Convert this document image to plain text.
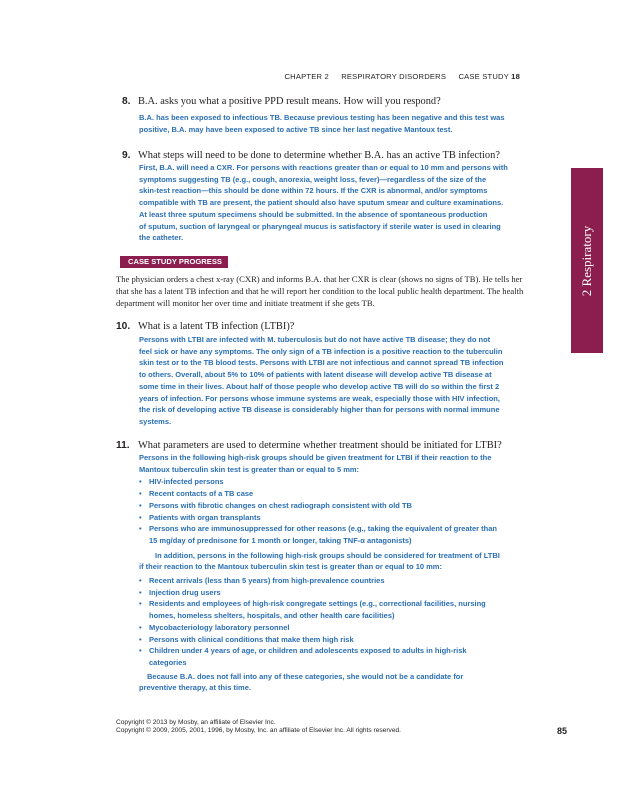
CHAPTER 2 RESPIRATORY DISORDERS CASE STUDY 18
2 Respiratory
8. B.A. asks you what a positive PPD result means. How will you respond?

B.A. has been exposed to infectious TB. Because previous testing has been negative and this test was

positive, B.A. may have been exposed to active TB since her last negative Mantoux test.

9. What steps will need to be done to determine whether B.A. has an active TB infection?

First, B.A. will need a CXR. For persons with reactions greater than or equal to 10 mm and persons with

symptoms suggesting TB (e.g., cough, anorexia, weight loss, fever)—regardless of the size of the

skin-test reaction—this should be done within 72 hours. If the CXR is abnormal, and/or symptoms

compatible with TB are present, the patient should also have sputum smear and culture examinations.

At least three sputum specimens should be submitted. In the absence of spontaneous production

of sputum, suction of laryngeal or pharyngeal mucus is satisfactory if sterile water is used in clearing

the catheter.

CASE STUDY PROGRESS
The physician orders a chest x-ray (CXR) and informs B.A. that her CXR is clear (shows no signs of TB). He tells her that she has a latent TB infection and that he will report her condition to the local public health department. The health department will monitor her over time and initiate treatment if she gets TB.
10. What is a latent TB infection (LTBI)?

Persons with LTBI are infected with M. tuberculosis but do not have active TB disease; they do not

feel sick or have any symptoms. The only sign of a TB infection is a positive reaction to the tuberculin

skin test or to the TB blood tests. Persons with LTBI are not infectious and cannot spread TB infection

to others. Overall, about 5% to 10% of patients with latent disease will develop active TB disease at

some time in their lives. About half of those people who develop active TB will do so within the first 2

years of infection. For persons whose immune systems are weak, especially those with HIV infection,

the risk of developing active TB disease is considerably higher than for persons with normal immune

systems.

11. What parameters are used to determine whether treatment should be initiated for LTBI?

Persons in the following high-risk groups should be given treatment for LTBI if their reaction to the

Mantoux tuberculin skin test is greater than or equal to 5 mm:

• HIV-infected persons
• Recent contacts of a TB case
• Persons with fibrotic changes on chest radiograph consistent with old TB
• Patients with organ transplants
• Persons who are immunosuppressed for other reasons (e.g., taking the equivalent of greater than
15 mg/day of prednisone for 1 month or longer, taking TNF-α antagonists)

In addition, persons in the following high-risk groups should be considered for treatment of LTBI

if their reaction to the Mantoux tuberculin skin test is greater than or equal to 10 mm:

• Recent arrivals (less than 5 years) from high-prevalence countries
• Injection drug users
• Residents and employees of high-risk congregate settings (e.g., correctional facilities, nursing
homes, homeless shelters, hospitals, and other health care facilities)
• Mycobacteriology laboratory personnel
• Persons with clinical conditions that make them high risk
• Children under 4 years of age, or children and adolescents exposed to adults in high-risk
categories

Because B.A. does not fall into any of these categories, she would not be a candidate for

preventive therapy, at this time.

Copyright © 2013 by Mosby, an affiliate of Elsevier Inc.
Copyright © 2009, 2005, 2001, 1996, by Mosby, Inc. an affiliate of Elsevier Inc. All rights reserved.	85
